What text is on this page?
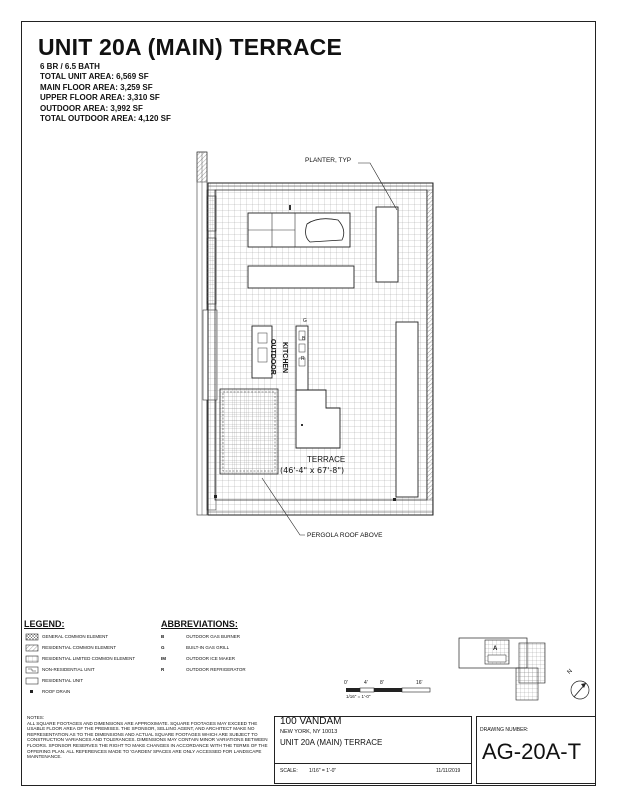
UNIT 20A (MAIN) TERRACE
6 BR / 6.5 BATH
TOTAL UNIT AREA: 6,569 SF
MAIN FLOOR AREA: 3,259 SF
UPPER FLOOR AREA: 3,310 SF
OUTDOOR AREA: 3,992 SF
TOTAL OUTDOOR AREA: 4,120 SF
PLANTER, TYP
OUTDOOR KITCHEN
G
B
R
TERRACE
(46'-4" x 67'-8")
PERGOLA ROOF ABOVE
LEGEND:
GENERAL COMMON ELEMENT
RESIDENTIAL COMMON ELEMENT
RESIDENTIAL LIMITED COMMON ELEMENT
NON-RESIDENTIAL UNIT
RESIDENTIAL UNIT
ROOF DRAIN
ABBREVIATIONS:
B	OUTDOOR GAS BURNER
G	BUILT-IN GAS GRILL
IM	OUTDOOR ICE MAKER
R	OUTDOOR REFRIGERATOR
0'	4' 8'	16'
1/16" = 1'-0"
A
N
NOTES:
ALL SQUARE FOOTAGES AND DIMENSIONS ARE APPROXIMATE. SQUARE FOOTAGES MAY EXCEED THE USABLE FLOOR AREA OF THE PREMISES. THE SPONSOR, SELLING AGENT, AND ARCHITECT MAKE NO REPRESENTATION AS TO THE DIMENSIONS AND ACTUAL SQUARE FOOTAGES WHICH ARE SUBJECT TO CONSTRUCTION VARIANCES AND TOLERANCES. DIMENSIONS MAY CONTAIN MINOR VARIATIONS BETWEEN FLOORS. SPONSOR RESERVES THE RIGHT TO MAKE CHANGES IN ACCORDANCE WITH THE TERMS OF THE OFFERING PLAN. ALL REFERENCES MADE TO 'GARDEN' SPACES ARE ONLY ACCESSED FOR LANDSCAPE MAINTENANCE.
100 VANDAM
NEW YORK, NY 10013
UNIT 20A (MAIN) TERRACE
SCALE: 1/16" = 1'-0"	11/11/2019
DRAWING NUMBER:
AG-20A-T
